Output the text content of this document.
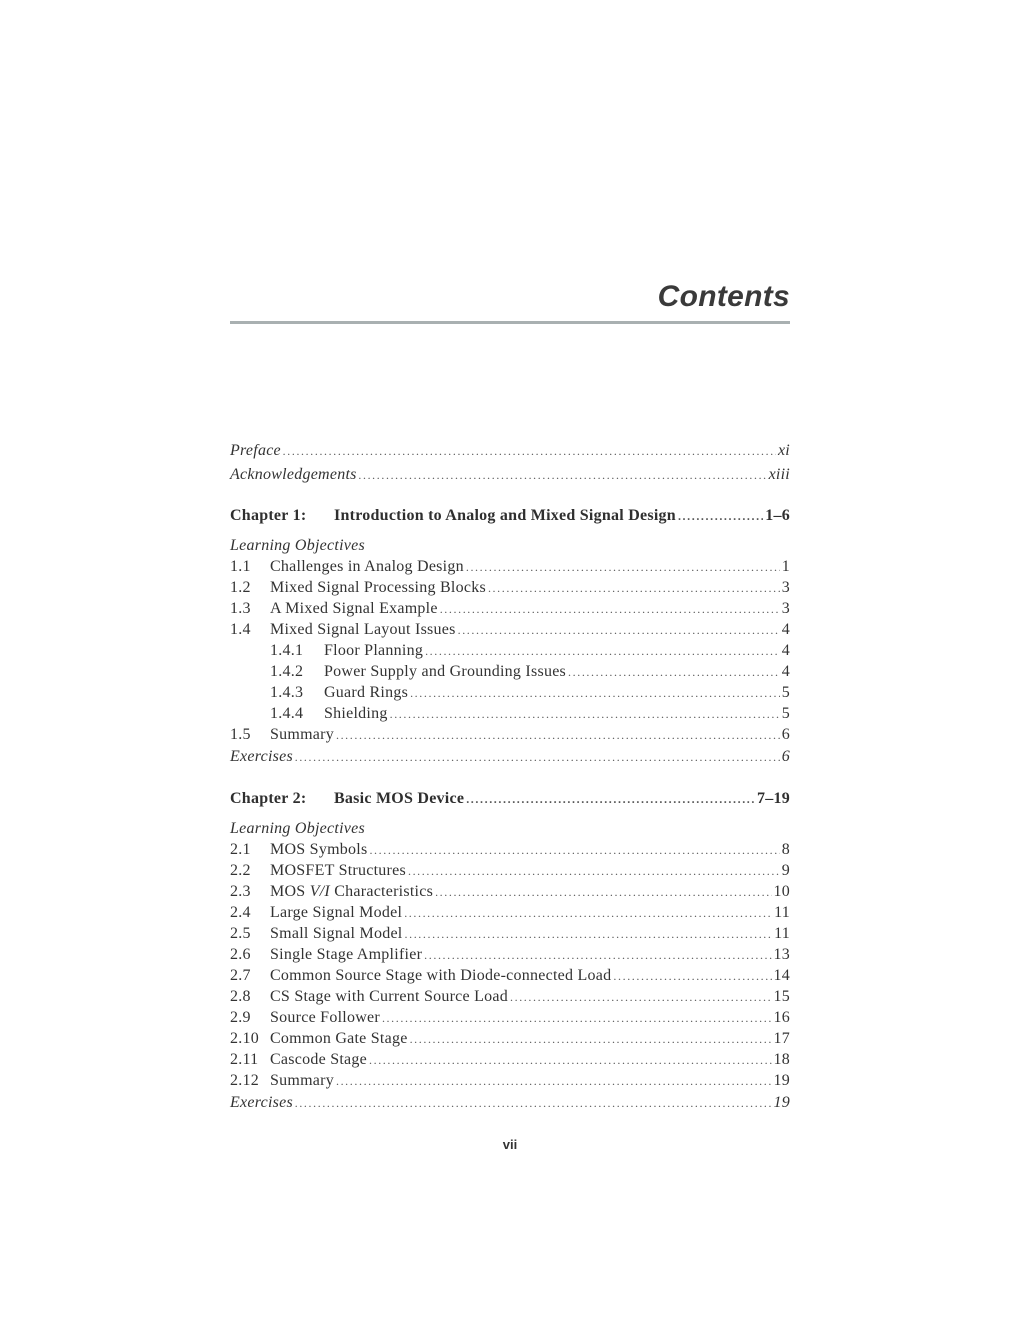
Contents
Preface .....	xi
Acknowledgements .....	xiii
Chapter 1:	Introduction to Analog and Mixed Signal Design .....	1–6
Learning Objectives
1.1	Challenges in Analog Design .....	1
1.2	Mixed Signal Processing Blocks .....	3
1.3	A Mixed Signal Example .....	3
1.4	Mixed Signal Layout Issues .....	4
1.4.1	Floor Planning .....	4
1.4.2	Power Supply and Grounding Issues .....	4
1.4.3	Guard Rings .....	5
1.4.4	Shielding .....	5
1.5	Summary .....	6
Exercises .....	6
Chapter 2:	Basic MOS Device .....	7–19
Learning Objectives
2.1	MOS Symbols .....	8
2.2	MOSFET Structures .....	9
2.3	MOS V/I Characteristics .....	10
2.4	Large Signal Model .....	11
2.5	Small Signal Model .....	11
2.6	Single Stage Amplifier .....	13
2.7	Common Source Stage with Diode-connected Load .....	14
2.8	CS Stage with Current Source Load .....	15
2.9	Source Follower .....	16
2.10 Common Gate Stage .....	17
2.11 Cascode Stage .....	18
2.12 Summary .....	19
Exercises .....	19
vii
